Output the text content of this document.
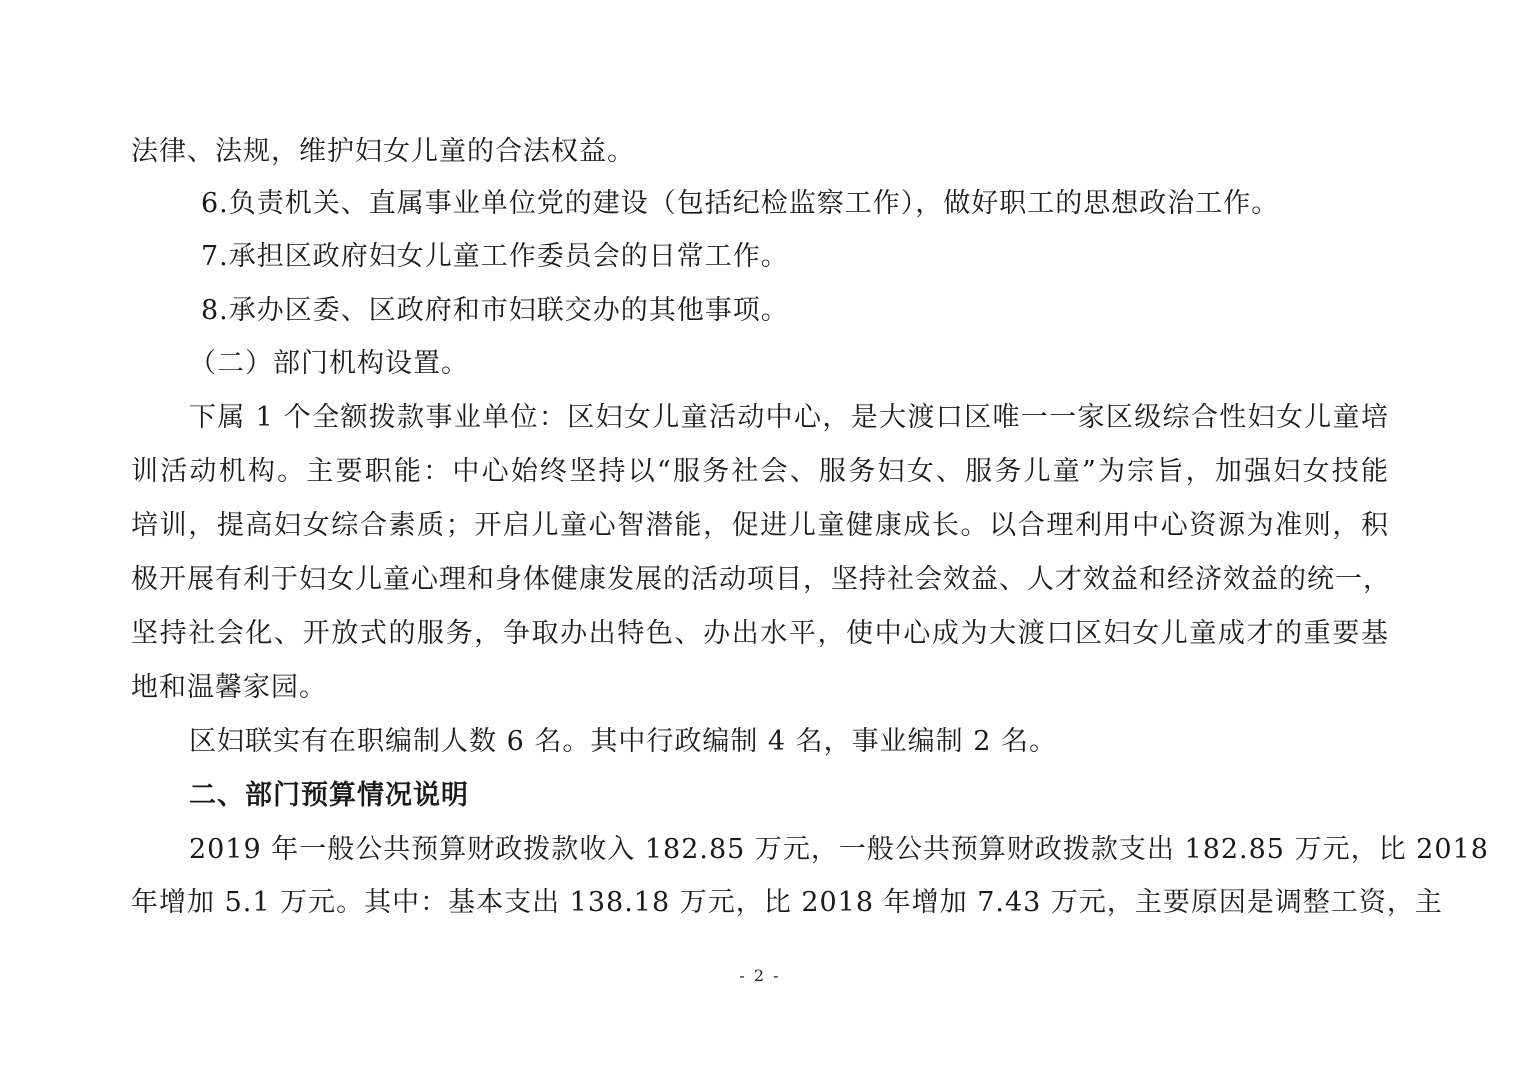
法律、法规，维护妇女儿童的合法权益。
6.负责机关、直属事业单位党的建设（包括纪检监察工作），做好职工的思想政治工作。
7.承担区政府妇女儿童工作委员会的日常工作。
8.承办区委、区政府和市妇联交办的其他事项。
（二）部门机构设置。
下属 1 个全额拨款事业单位：区妇女儿童活动中心，是大渡口区唯一一家区级综合性妇女儿童培
训活动机构。主要职能：中心始终坚持以“服务社会、服务妇女、服务儿童”为宗旨，加强妇女技能
培训，提高妇女综合素质；开启儿童心智潜能，促进儿童健康成长。以合理利用中心资源为准则，积
极开展有利于妇女儿童心理和身体健康发展的活动项目，坚持社会效益、人才效益和经济效益的统一，
坚持社会化、开放式的服务，争取办出特色、办出水平，使中心成为大渡口区妇女儿童成才的重要基
地和温馨家园。
区妇联实有在职编制人数 6 名。其中行政编制 4 名，事业编制 2 名。
二、部门预算情况说明
2019 年一般公共预算财政拨款收入 182.85 万元，一般公共预算财政拨款支出 182.85 万元，比 2018
年增加 5.1 万元。其中：基本支出 138.18 万元，比 2018 年增加 7.43 万元，主要原因是调整工资，主
- 2 -
